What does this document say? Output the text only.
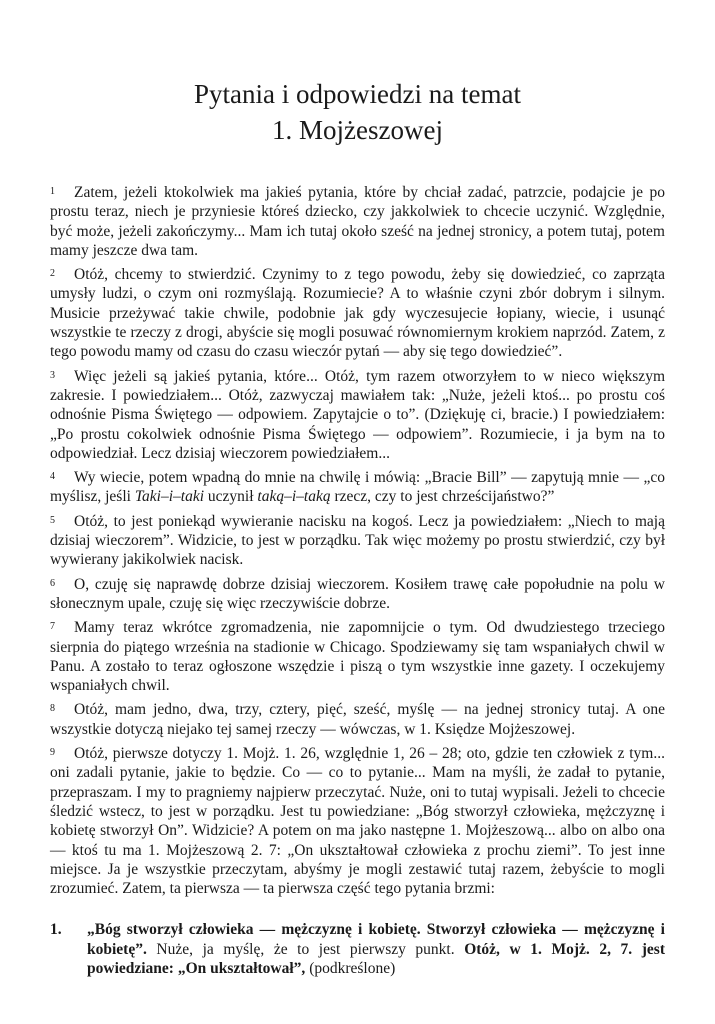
Pytania i odpowiedzi na temat
1. Mojżeszowej

1 Zatem, jeżeli ktokolwiek ma jakieś pytania, które by chciał zadać, patrzcie, podajcie je po prostu teraz, niech je przyniesie któreś dziecko, czy jakkolwiek to chcecie uczynić. Względnie, być może, jeżeli zakończymy... Mam ich tutaj około sześć na jednej stronicy, a potem tutaj, potem mamy jeszcze dwa tam.

2 Otóż, chcemy to stwierdzić. Czynimy to z tego powodu, żeby się dowiedzieć, co zaprząta umysły ludzi, o czym oni rozmyślają. Rozumiecie? A to właśnie czyni zbór dobrym i silnym. Musicie przeżywać takie chwile, podobnie jak gdy wyczesujecie łopiany, wiecie, i usunąć wszystkie te rzeczy z drogi, abyście się mogli posuwać równomiernym krokiem naprzód. Zatem, z tego powodu mamy od czasu do czasu wieczór pytań — aby się tego dowiedzieć”.

3 Więc jeżeli są jakieś pytania, które... Otóż, tym razem otworzyłem to w nieco większym zakresie. I powiedziałem... Otóż, zazwyczaj mawiałem tak: „Nuże, jeżeli ktoś... po prostu coś odnośnie Pisma Świętego — odpowiem. Zapytajcie o to”. (Dziękuję ci, bracie.) I powiedziałem: „Po prostu cokolwiek odnośnie Pisma Świętego — odpowiem”. Rozumiecie, i ja bym na to odpowiedział. Lecz dzisiaj wieczorem powiedziałem...

4 Wy wiecie, potem wpadną do mnie na chwilę i mówią: „Bracie Bill” — zapytują mnie — „co myślisz, jeśli Taki–i–taki uczynił taką–i–taką rzecz, czy to jest chrześcijaństwo?”

5 Otóż, to jest poniekąd wywieranie nacisku na kogoś. Lecz ja powiedziałem: „Niech to mają dzisiaj wieczorem”. Widzicie, to jest w porządku. Tak więc możemy po prostu stwierdzić, czy był wywierany jakikolwiek nacisk.

6 O, czuję się naprawdę dobrze dzisiaj wieczorem. Kosiłem trawę całe popołudnie na polu w słonecznym upale, czuję się więc rzeczywiście dobrze.

7 Mamy teraz wkrótce zgromadzenia, nie zapomnijcie o tym. Od dwudziestego trzeciego sierpnia do piątego września na stadionie w Chicago. Spodziewamy się tam wspaniałych chwil w Panu. A zostało to teraz ogłoszone wszędzie i piszą o tym wszystkie inne gazety. I oczekujemy wspaniałych chwil.

8 Otóż, mam jedno, dwa, trzy, cztery, pięć, sześć, myślę — na jednej stronicy tutaj. A one wszystkie dotyczą niejako tej samej rzeczy — wówczas, w 1. Księdze Mojżeszowej.

9 Otóż, pierwsze dotyczy 1. Mojż. 1. 26, względnie 1, 26 – 28; oto, gdzie ten człowiek z tym... oni zadali pytanie, jakie to będzie. Co — co to pytanie... Mam na myśli, że zadał to pytanie, przepraszam. I my to pragniemy najpierw przeczytać. Nuże, oni to tutaj wypisali. Jeżeli to chcecie śledzić wstecz, to jest w porządku. Jest tu powiedziane: „Bóg stworzył człowieka, mężczyznę i kobietę stworzył On”. Widzicie? A potem on ma jako następne 1. Mojżeszową... albo on albo ona — ktoś tu ma 1. Mojżeszową 2. 7: „On ukształtował człowieka z prochu ziemi”. To jest inne miejsce. Ja je wszystkie przeczytam, abyśmy je mogli zestawić tutaj razem, żebyście to mogli zrozumieć. Zatem, ta pierwsza — ta pierwsza część tego pytania brzmi:

1.	„Bóg stworzył człowieka — mężczyznę i kobietę. Stworzył człowieka — mężczyznę i kobietę”. Nuże, ja myślę, że to jest pierwszy punkt. Otóż, w 1. Mojż. 2, 7. jest powiedziane: „On ukształtował”, (podkreślone)
